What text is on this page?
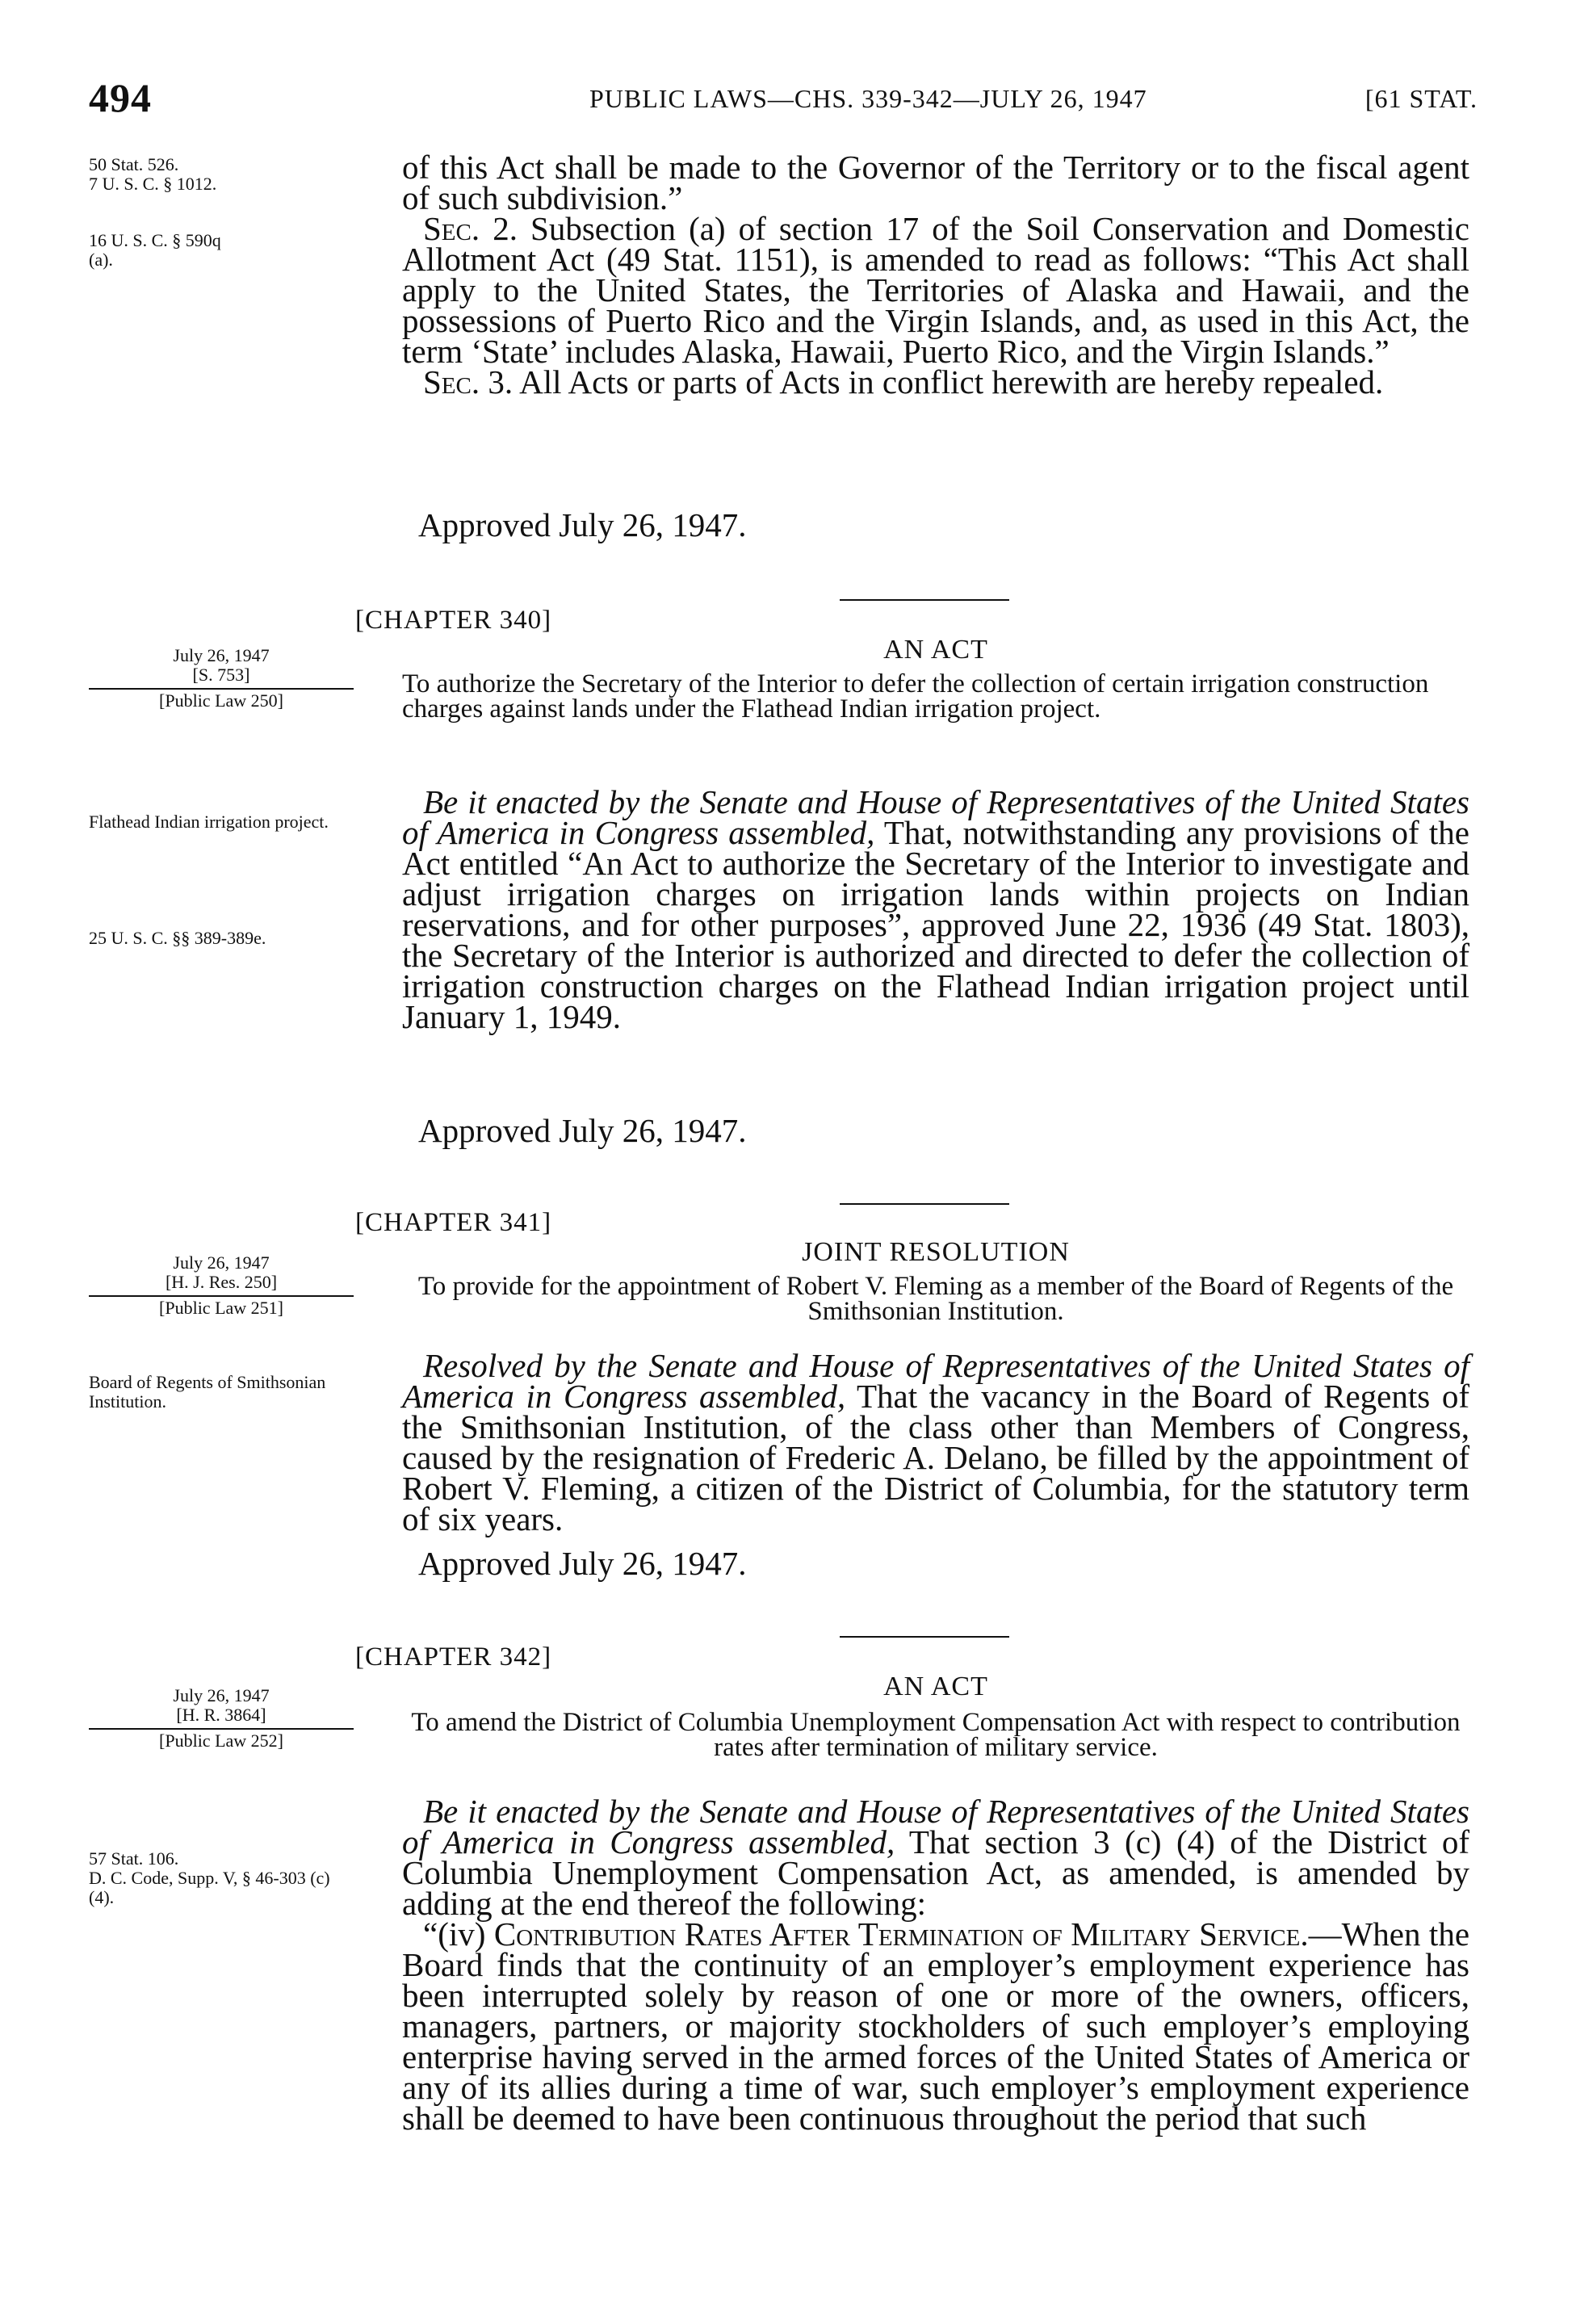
494	PUBLIC LAWS—CHS. 339-342—JULY 26, 1947	[61 STAT.
50 Stat. 526.
7 U. S. C. § 1012.
16 U. S. C. § 590q
(a).

of this Act shall be made to the Governor of the Territory or to the fiscal agent of such subdivision.”

Sec. 2. Subsection (a) of section 17 of the Soil Conservation and Domestic Allotment Act (49 Stat. 1151), is amended to read as follows: “This Act shall apply to the United States, the Territories of Alaska and Hawaii, and the possessions of Puerto Rico and the Virgin Islands, and, as used in this Act, the term ‘State’ includes Alaska, Hawaii, Puerto Rico, and the Virgin Islands.”

Sec. 3. All Acts or parts of Acts in conflict herewith are hereby repealed.

Approved July 26, 1947.
[CHAPTER 340]
AN ACT
July 26, 1947
[S. 753]
[Public Law 250]

To authorize the Secretary of the Interior to defer the collection of certain irrigation construction charges against lands under the Flathead Indian irrigation project.

Flathead Indian irrigation project.
25 U. S. C. §§ 389-389e.

Be it enacted by the Senate and House of Representatives of the United States of America in Congress assembled, That, notwithstanding any provisions of the Act entitled “An Act to authorize the Secretary of the Interior to investigate and adjust irrigation charges on irrigation lands within projects on Indian reservations, and for other purposes”, approved June 22, 1936 (49 Stat. 1803), the Secretary of the Interior is authorized and directed to defer the collection of irrigation construction charges on the Flathead Indian irrigation project until January 1, 1949.

Approved July 26, 1947.
[CHAPTER 341]
JOINT RESOLUTION
July 26, 1947
[H. J. Res. 250]
[Public Law 251]

To provide for the appointment of Robert V. Fleming as a member of the Board of Regents of the Smithsonian Institution.

Board of Regents of Smithsonian Institution.

Resolved by the Senate and House of Representatives of the United States of America in Congress assembled, That the vacancy in the Board of Regents of the Smithsonian Institution, of the class other than Members of Congress, caused by the resignation of Frederic A. Delano, be filled by the appointment of Robert V. Fleming, a citizen of the District of Columbia, for the statutory term of six years.

Approved July 26, 1947.
[CHAPTER 342]
AN ACT
July 26, 1947
[H. R. 3864]
[Public Law 252]

To amend the District of Columbia Unemployment Compensation Act with respect to contribution rates after termination of military service.

57 Stat. 106.
D. C. Code, Supp. V, § 46-303 (c) (4).

Be it enacted by the Senate and House of Representatives of the United States of America in Congress assembled, That section 3 (c) (4) of the District of Columbia Unemployment Compensation Act, as amended, is amended by adding at the end thereof the following:

“(iv) Contribution Rates After Termination of Military Service.—When the Board finds that the continuity of an employer’s employment experience has been interrupted solely by reason of one or more of the owners, officers, managers, partners, or majority stockholders of such employer’s employing enterprise having served in the armed forces of the United States of America or any of its allies during a time of war, such employer’s employment experience shall be deemed to have been continuous throughout the period that such
